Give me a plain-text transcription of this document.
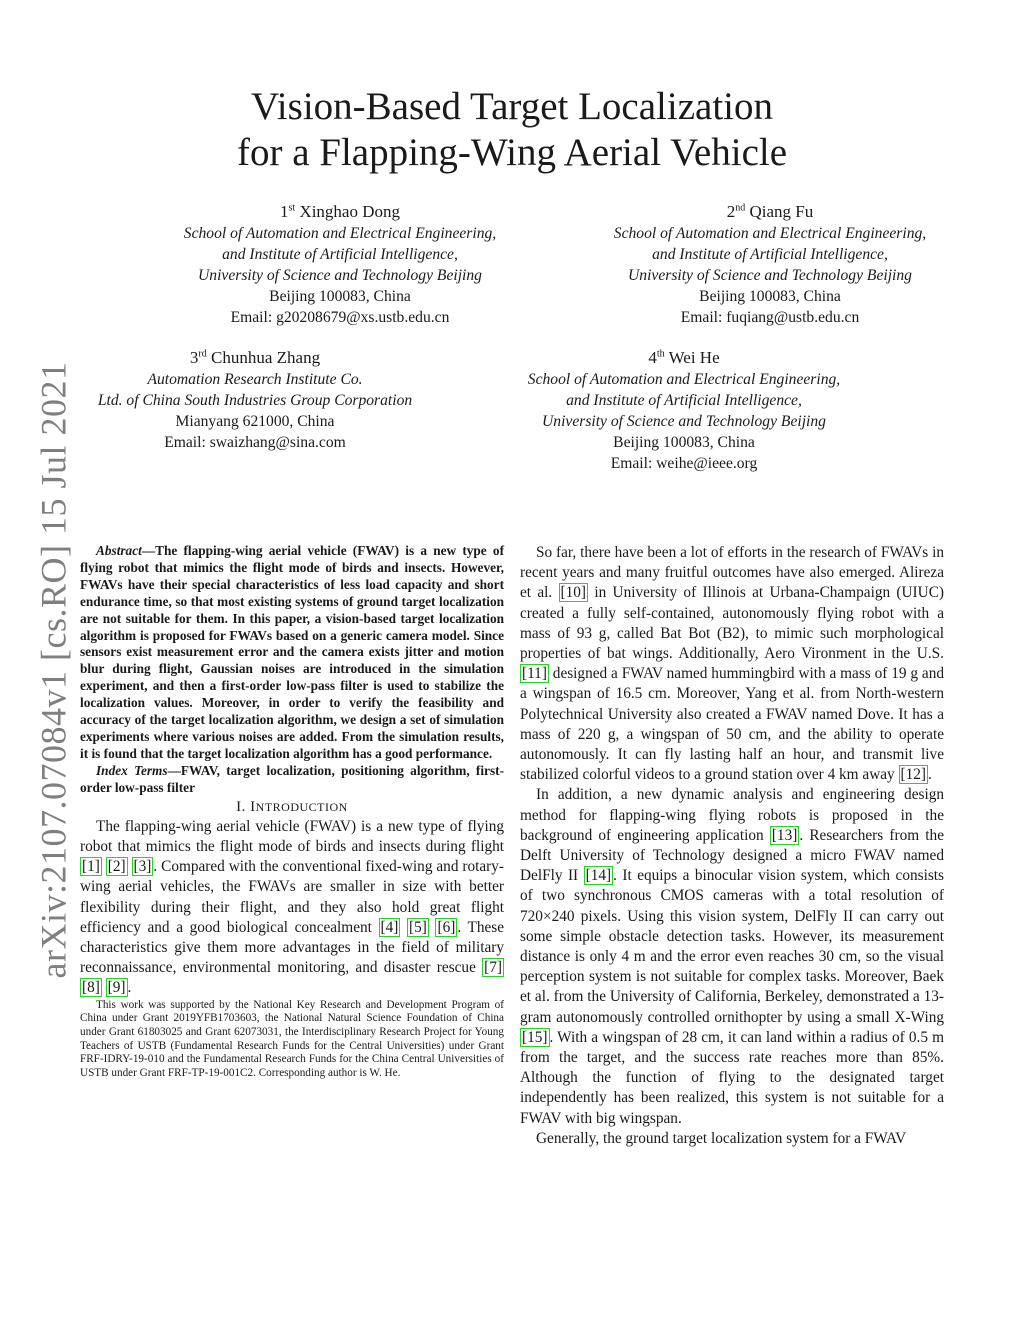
arXiv:2107.07084v1 [cs.RO] 15 Jul 2021
Vision-Based Target Localization
for a Flapping-Wing Aerial Vehicle
1st Xinghao Dong
School of Automation and Electrical Engineering,
and Institute of Artificial Intelligence,
University of Science and Technology Beijing
Beijing 100083, China
Email: g20208679@xs.ustb.edu.cn
2nd Qiang Fu
School of Automation and Electrical Engineering,
and Institute of Artificial Intelligence,
University of Science and Technology Beijing
Beijing 100083, China
Email: fuqiang@ustb.edu.cn
3rd Chunhua Zhang
Automation Research Institute Co.
Ltd. of China South Industries Group Corporation
Mianyang 621000, China
Email: swaizhang@sina.com
4th Wei He
School of Automation and Electrical Engineering,
and Institute of Artificial Intelligence,
University of Science and Technology Beijing
Beijing 100083, China
Email: weihe@ieee.org

Abstract—The flapping-wing aerial vehicle (FWAV) is a new type of flying robot that mimics the flight mode of birds and insects. However, FWAVs have their special characteristics of less load capacity and short endurance time, so that most existing systems of ground target localization are not suitable for them. In this paper, a vision-based target localization algorithm is proposed for FWAVs based on a generic camera model. Since sensors exist measurement error and the camera exists jitter and motion blur during flight, Gaussian noises are introduced in the simulation experiment, and then a first-order low-pass filter is used to stabilize the localization values. Moreover, in order to verify the feasibility and accuracy of the target localization algorithm, we design a set of simulation experiments where various noises are added. From the simulation results, it is found that the target localization algorithm has a good performance.

Index Terms—FWAV, target localization, positioning algorithm, first-order low-pass filter

I. INTRODUCTION

The flapping-wing aerial vehicle (FWAV) is a new type of flying robot that mimics the flight mode of birds and insects during flight [1] [2] [3] . Compared with the conventional fixed-wing and rotary-wing aerial vehicles, the FWAVs are smaller in size with better flexibility during their flight, and they also hold great flight efficiency and a good biological concealment [4] [5] [6] . These characteristics give them more advantages in the field of military reconnaissance, environmental monitoring, and disaster rescue [7] [8] [9] .

This work was supported by the National Key Research and Development Program of China under Grant 2019YFB1703603, the National Natural Science Foundation of China under Grant 61803025 and Grant 62073031, the Interdisciplinary Research Project for Young Teachers of USTB (Fundamental Research Funds for the Central Universities) under Grant FRF-IDRY-19-010 and the Fundamental Research Funds for the China Central Universities of USTB under Grant FRF-TP-19-001C2. Corresponding author is W. He.

So far, there have been a lot of efforts in the research of FWAVs in recent years and many fruitful outcomes have also emerged. Alireza et al. [10] in University of Illinois at Urbana-Champaign (UIUC) created a fully self-contained, autonomously flying robot with a mass of 93 g, called Bat Bot (B2), to mimic such morphological properties of bat wings. Additionally, Aero Vironment in the U.S. [11] designed a FWAV named hummingbird with a mass of 19 g and a wingspan of 16.5 cm. Moreover, Yang et al. from North-western Polytechnical University also created a FWAV named Dove. It has a mass of 220 g, a wingspan of 50 cm, and the ability to operate autonomously. It can fly lasting half an hour, and transmit live stabilized colorful videos to a ground station over 4 km away [12] .

In addition, a new dynamic analysis and engineering design method for flapping-wing flying robots is proposed in the background of engineering application [13] . Researchers from the Delft University of Technology designed a micro FWAV named DelFly II [14] . It equips a binocular vision system, which consists of two synchronous CMOS cameras with a total resolution of 720×240 pixels. Using this vision system, DelFly II can carry out some simple obstacle detection tasks. However, its measurement distance is only 4 m and the error even reaches 30 cm, so the visual perception system is not suitable for complex tasks. Moreover, Baek et al. from the University of California, Berkeley, demonstrated a 13-gram autonomously controlled ornithopter by using a small X-Wing [15] . With a wingspan of 28 cm, it can land within a radius of 0.5 m from the target, and the success rate reaches more than 85%. Although the function of flying to the designated target independently has been realized, this system is not suitable for a FWAV with big wingspan.

Generally, the ground target localization system for a FWAV
